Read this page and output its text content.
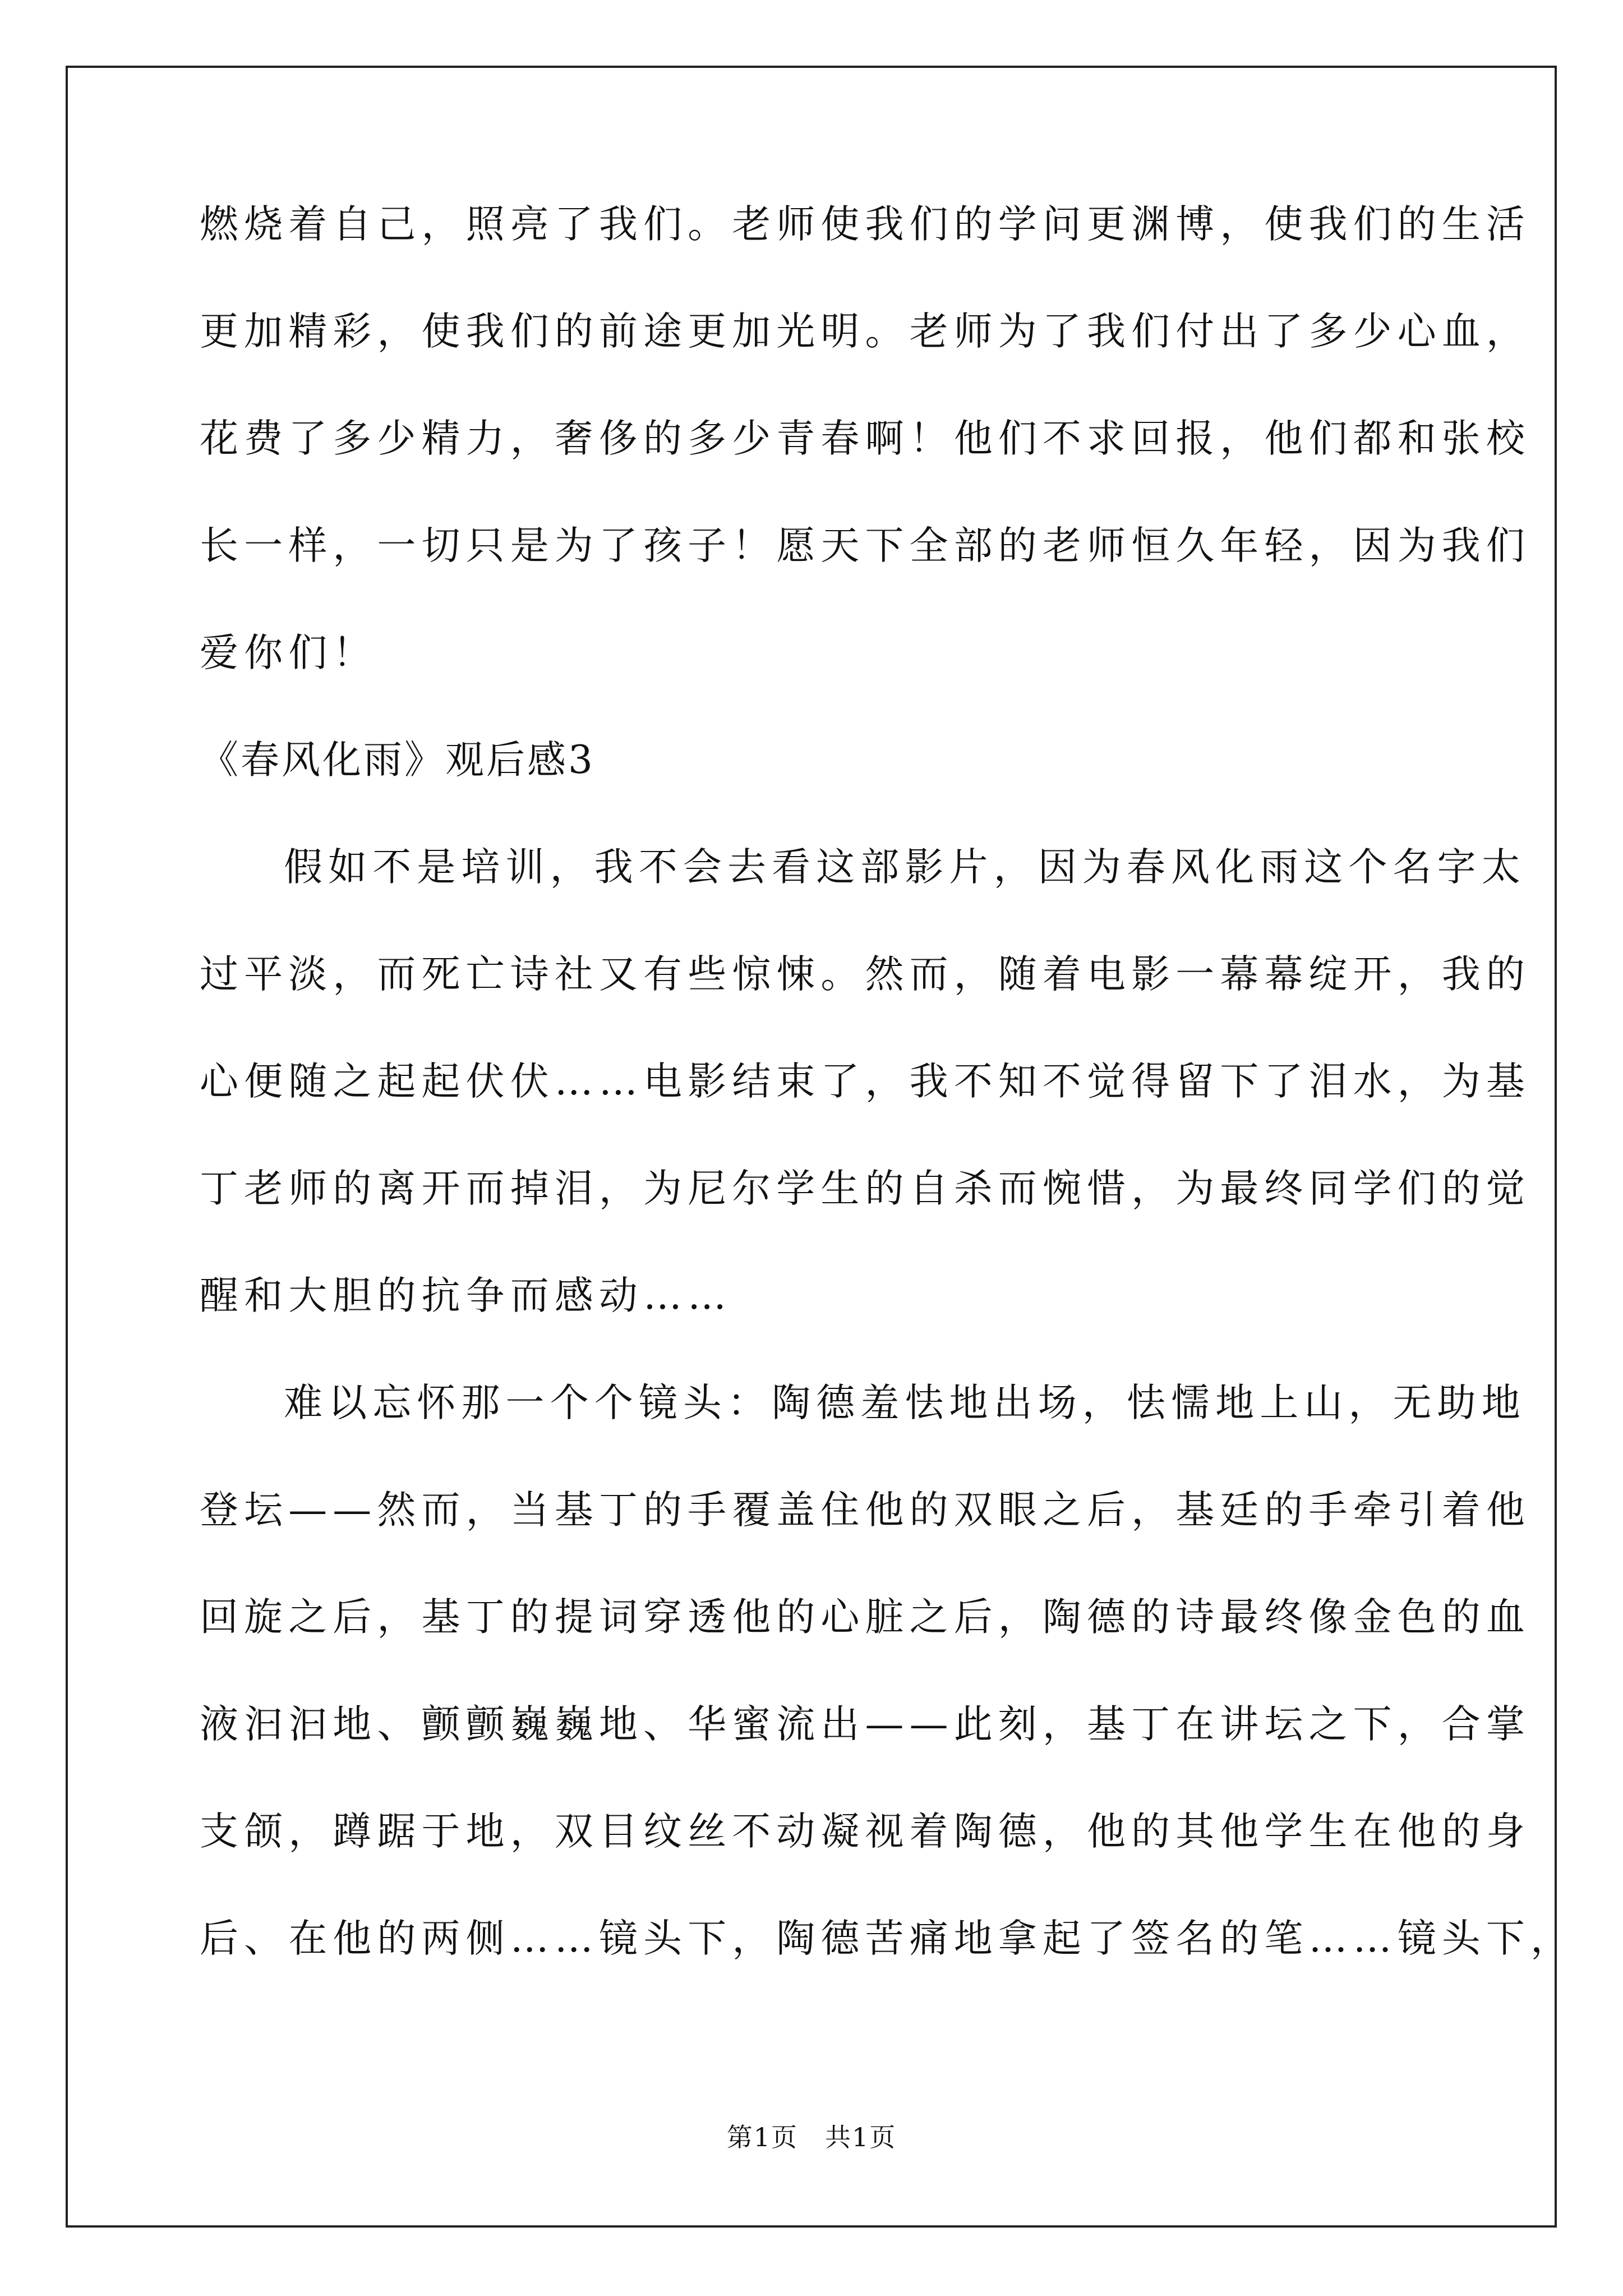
燃烧着自己，照亮了我们。老师使我们的学问更渊博，使我们的生活
更加精彩，使我们的前途更加光明。老师为了我们付出了多少心血，
花费了多少精力，奢侈的多少青春啊！他们不求回报，他们都和张校
长一样，一切只是为了孩子！愿天下全部的老师恒久年轻，因为我们
爱你们！
《春风化雨》观后感3
假如不是培训，我不会去看这部影片，因为春风化雨这个名字太
过平淡，而死亡诗社又有些惊悚。然而，随着电影一幕幕绽开，我的
心便随之起起伏伏……电影结束了，我不知不觉得留下了泪水，为基
丁老师的离开而掉泪，为尼尔学生的自杀而惋惜，为最终同学们的觉
醒和大胆的抗争而感动……
难以忘怀那一个个镜头：陶德羞怯地出场，怯懦地上山，无助地
登坛——然而，当基丁的手覆盖住他的双眼之后，基廷的手牵引着他
回旋之后，基丁的提词穿透他的心脏之后，陶德的诗最终像金色的血
液汩汩地、颤颤巍巍地、华蜜流出——此刻，基丁在讲坛之下，合掌
支颌，蹲踞于地，双目纹丝不动凝视着陶德，他的其他学生在他的身
后、在他的两侧……镜头下，陶德苦痛地拿起了签名的笔……镜头下，
第1页　共1页
